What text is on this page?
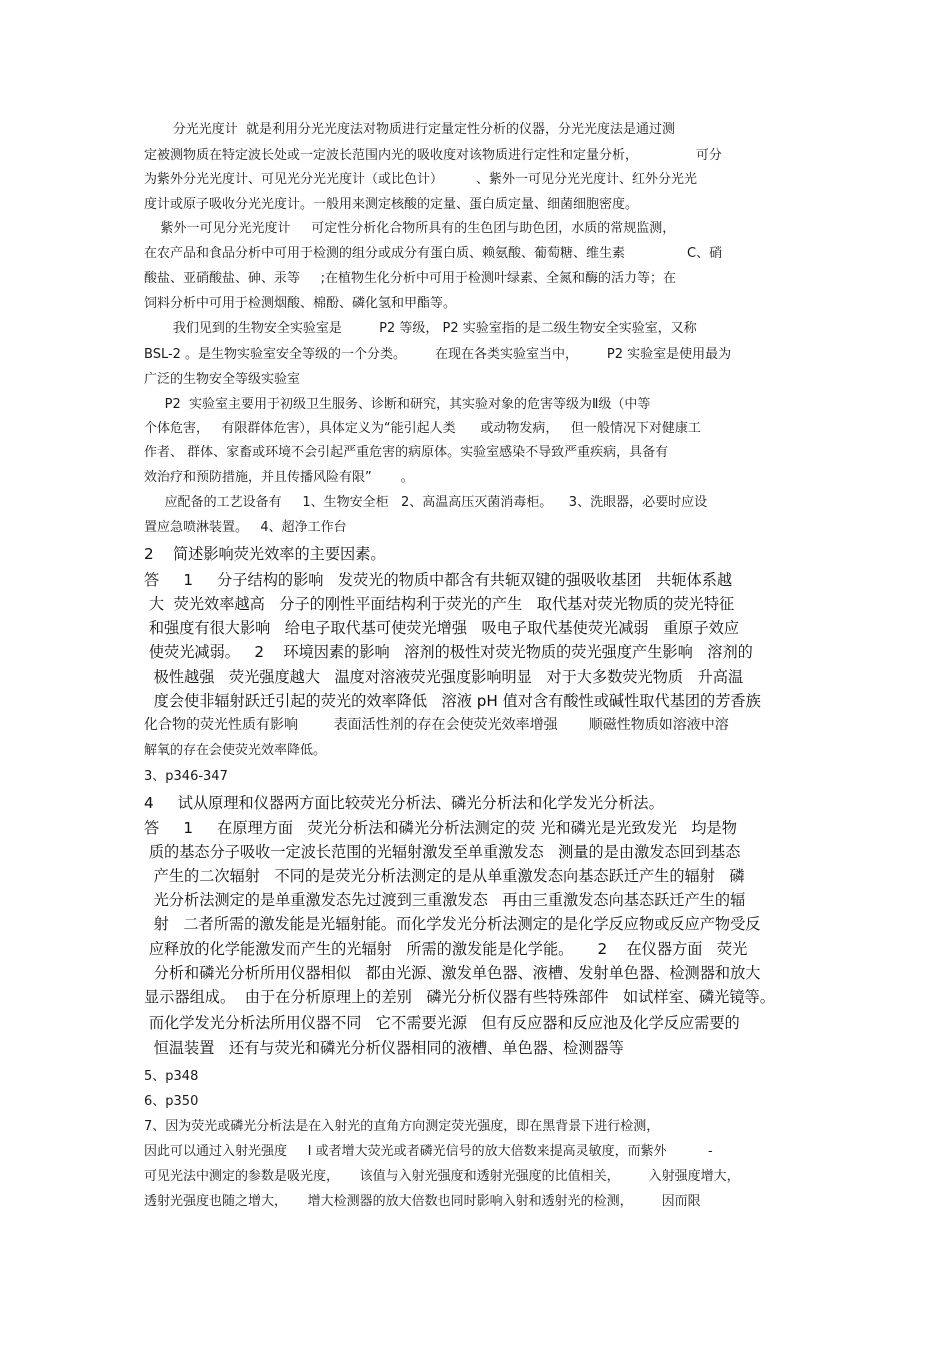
分光光度计  就是利用分光光度法对物质进行定量定性分析的仪器，分光光度法是通过测

定被测物质在特定波长处或一定波长范围内光的吸收度对该物质进行定性和定量分析，              可分

为紫外分光光度计、可见光分光光度计（或比色计）        、紫外一可见分光光度计、红外分光光

度计或原子吸收分光光度计。一般用来测定核酸的定量、蛋白质定量、细菌细胞密度。

紫外一可见分光光度计     可定性分析化合物所具有的生色团与助色团，水质的常规监测，

在农产品和食品分析中可用于检测的组分或成分有蛋白质、赖氨酸、葡萄糖、维生素               C、硝

酸盐、亚硝酸盐、砷、汞等     ;在植物生化分析中可用于检测叶绿素、全氮和酶的活力等；在

饲料分析中可用于检测烟酸、棉酚、磷化氢和甲酯等。

我们见到的生物安全实验室是         P2 等级， P2 实验室指的是二级生物安全实验室，又称

BSL-2 。是生物实验室安全等级的一个分类。       在现在各类实验室当中，       P2 实验室是使用最为

广泛的生物安全等级实验室

P2  实验室主要用于初级卫生服务、诊断和研究，其实验对象的危害等级为Ⅱ级（中等

个体危害，   有限群体危害），具体定义为“能引起人类      或动物发病，   但一般情况下对健康工

作者、 群体、家畜或环境不会引起严重危害的病原体。实验室感染不导致严重疾病，具备有

效治疗和预防措施，并且传播风险有限”       。

应配备的工艺设备有     1、生物安全柜   2、高温高压灭菌消毒柜。    3、洗眼器，必要时应设

置应急喷淋装置。   4、超净工作台

2    简述影响荧光效率的主要因素。

答     1     分子结构的影响   发荧光的物质中都含有共轭双键的强吸收基团   共轭体系越

大  荧光效率越高   分子的刚性平面结构利于荧光的产生   取代基对荧光物质的荧光特征

和强度有很大影响   给电子取代基可使荧光增强   吸电子取代基使荧光减弱   重原子效应

使荧光减弱。   2    环境因素的影响   溶剂的极性对荧光物质的荧光强度产生影响   溶剂的

极性越强   荧光强度越大   温度对溶液荧光强度影响明显   对于大多数荧光物质   升高温

度会使非辐射跃迁引起的荧光的效率降低   溶液 pH 值对含有酸性或碱性取代基团的芳香族

化合物的荧光性质有影响        表面活性剂的存在会使荧光效率增强       顺磁性物质如溶液中溶

解氧的存在会使荧光效率降低。

3、p346-347

4     试从原理和仪器两方面比较荧光分析法、磷光分析法和化学发光分析法。

答     1     在原理方面   荧光分析法和磷光分析法测定的荧 光和磷光是光致发光   均是物

质的基态分子吸收一定波长范围的光辐射激发至单重激发态   测量的是由激发态回到基态

产生的二次辐射   不同的是荧光分析法测定的是从单重激发态向基态跃迁产生的辐射   磷

光分析法测定的是单重激发态先过渡到三重激发态   再由三重激发态向基态跃迁产生的辐

射   二者所需的激发能是光辐射能。而化学发光分析法测定的是化学反应物或反应产物受反

应释放的化学能激发而产生的光辐射   所需的激发能是化学能。     2    在仪器方面   荧光

分析和磷光分析所用仪器相似   都由光源、激发单色器、液槽、发射单色器、检测器和放大

显示器组成。  由于在分析原理上的差别   磷光分析仪器有些特殊部件   如试样室、磷光镜等。

而化学发光分析法所用仪器不同   它不需要光源   但有反应器和反应池及化学反应需要的

恒温装置   还有与荧光和磷光分析仪器相同的液槽、单色器、检测器等

5、p348

6、p350

7、因为荧光或磷光分析法是在入射光的直角方向测定荧光强度，即在黑背景下进行检测，

因此可以通过入射光强度     I 或者增大荧光或者磷光信号的放大倍数来提高灵敏度，而紫外          -

可见光法中测定的参数是吸光度，     该值与入射光强度和透射光强度的比值相关，       入射强度增大，

透射光强度也随之增大，     增大检测器的放大倍数也同时影响入射和透射光的检测，       因而限
